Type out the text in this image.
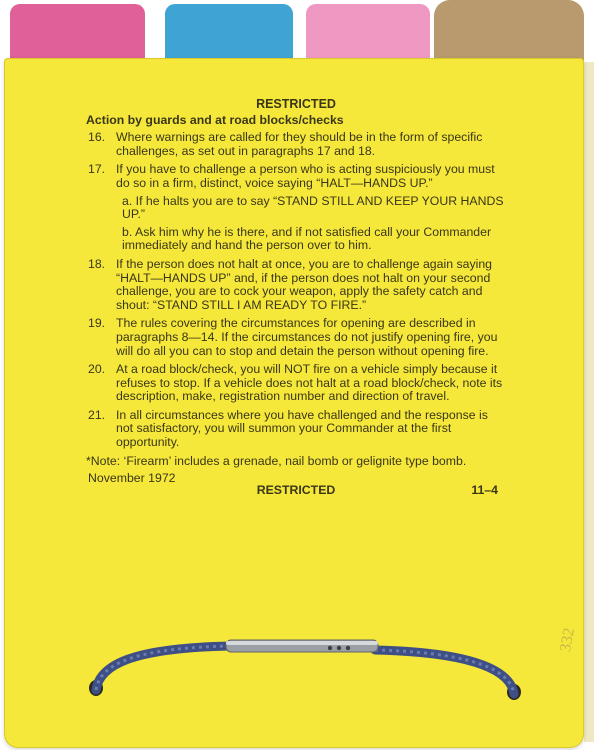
RESTRICTED
Action by guards and at road blocks/checks
16. Where warnings are called for they should be in the form of specific challenges, as set out in paragraphs 17 and 18.
17. If you have to challenge a person who is acting suspiciously you must do so in a firm, distinct, voice saying “HALT—HANDS UP.”
a. If he halts you are to say “STAND STILL AND KEEP YOUR HANDS UP.”
b. Ask him why he is there, and if not satisfied call your Commander immediately and hand the person over to him.
18. If the person does not halt at once, you are to challenge again saying “HALT—HANDS UP” and, if the person does not halt on your second challenge, you are to cock your weapon, apply the safety catch and shout: “STAND STILL I AM READY TO FIRE.”
19. The rules covering the circumstances for opening are described in paragraphs 8—14. If the circumstances do not justify opening fire, you will do all you can to stop and detain the person without opening fire.
20. At a road block/check, you will NOT fire on a vehicle simply because it refuses to stop. If a vehicle does not halt at a road block/check, note its description, make, registration number and direction of travel.
21. In all circumstances where you have challenged and the response is not satisfactory, you will summon your Commander at the first opportunity.
*Note: ‘Firearm’ includes a grenade, nail bomb or gelignite type bomb.
November 1972
RESTRICTED	11–4
332
